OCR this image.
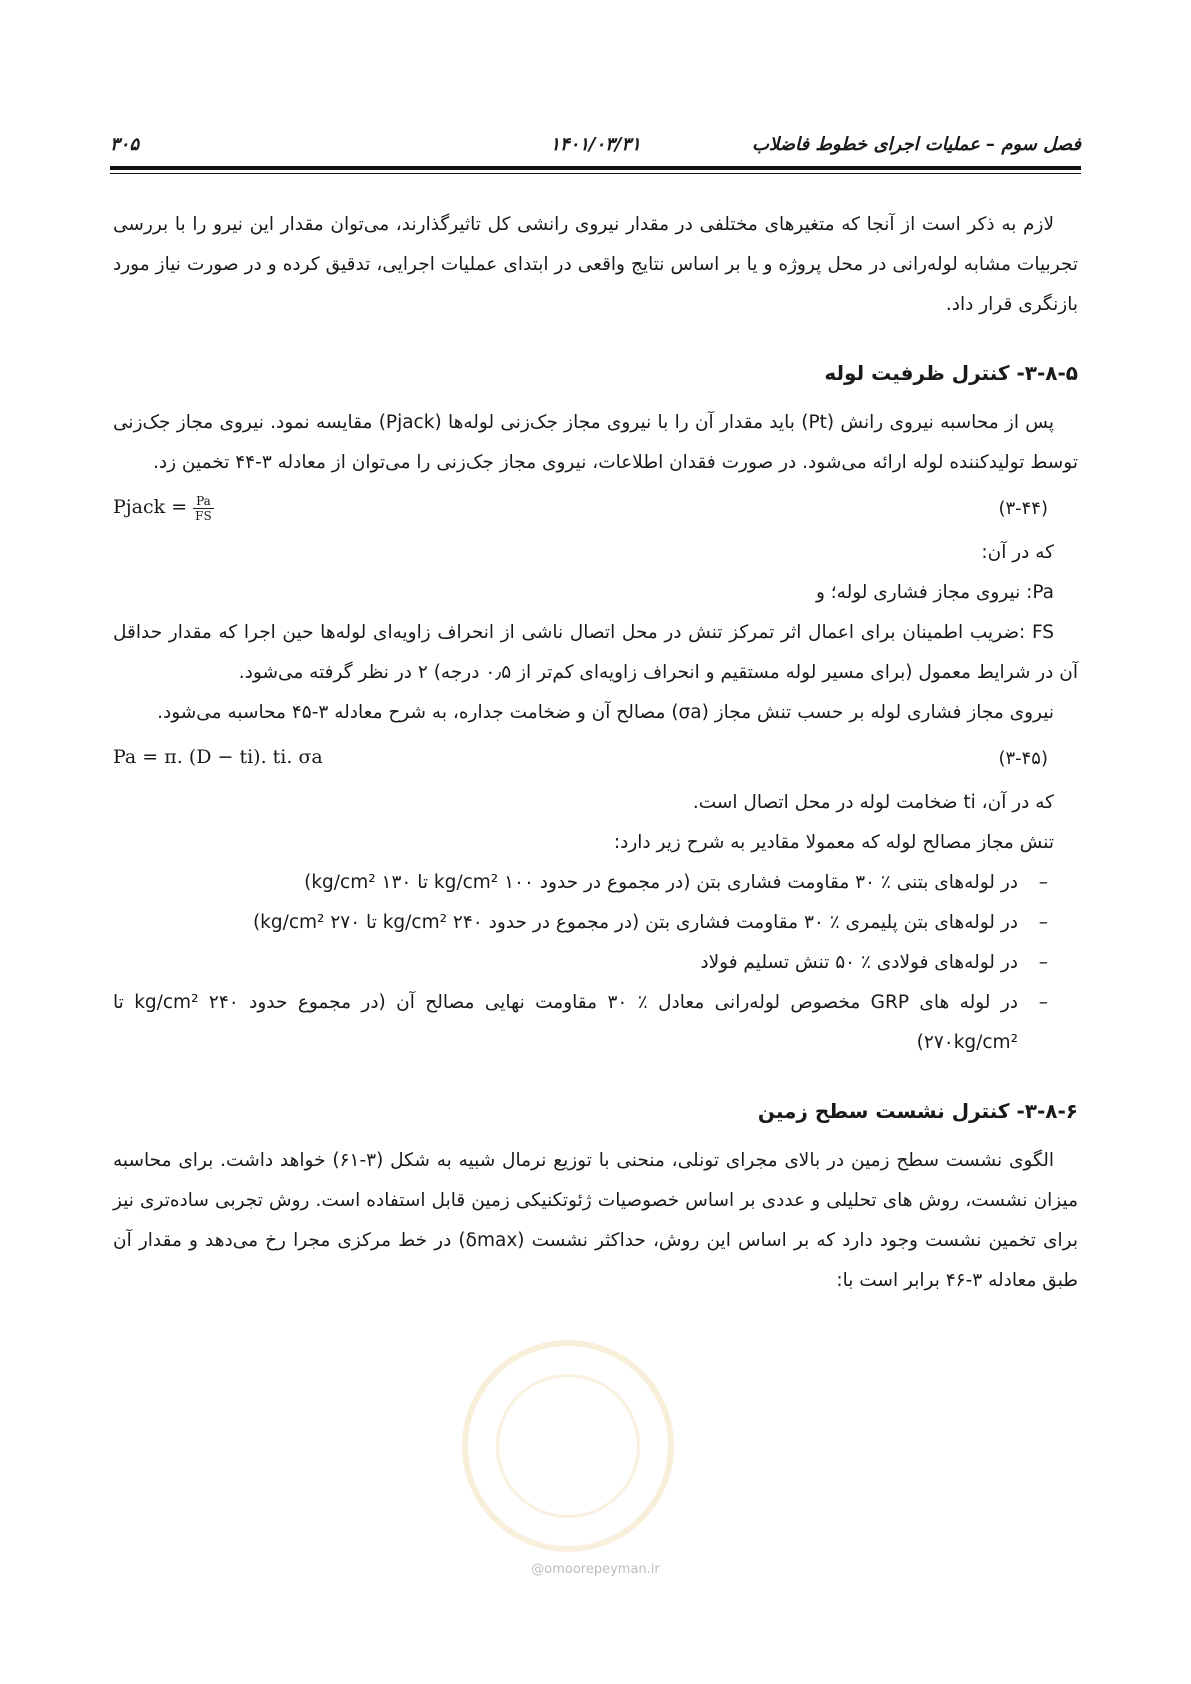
فصل سوم – عملیات اجرای خطوط فاضلاب
۱۴۰۱/۰۳/۳۱
۳۰۵

لازم به ذکر است از آنجا که متغیرهای مختلفی در مقدار نیروی رانشی کل تاثیرگذارند، می‌توان مقدار این نیرو را با بررسی تجربیات مشابه لوله‌رانی در محل پروژه و یا بر اساس نتایج واقعی در ابتدای عملیات اجرایی، تدقیق کرده و در صورت نیاز مورد بازنگری قرار داد.

۳-۸-۵- کنترل ظرفیت لوله

پس از محاسبه نیروی رانش (Pt) باید مقدار آن را با نیروی مجاز جک‌زنی لوله‌ها (Pjack) مقایسه نمود. نیروی مجاز جک‌زنی توسط تولیدکننده لوله ارائه می‌شود. در صورت فقدان اطلاعات، نیروی مجاز جک‌زنی را می‌توان از معادله ۳-۴۴ تخمین زد.

Pjack = $\frac{Pa}{FS}$	(۳-۴۴)

که در آن:

Pa: نیروی مجاز فشاری لوله؛ و

FS :ضریب اطمینان برای اعمال اثر تمرکز تنش در محل اتصال ناشی از انحراف زاویه‌ای لوله‌ها حین اجرا که مقدار حداقل آن در شرایط معمول (برای مسیر لوله مستقیم و انحراف زاویه‌ای کم‌تر از ۰٫۵ درجه) ۲ در نظر گرفته می‌شود.

نیروی مجاز فشاری لوله بر حسب تنش مجاز (σa) مصالح آن و ضخامت جداره، به شرح معادله ۳-۴۵ محاسبه می‌شود.

Pa = π. (D − ti). ti. σa	(۳-۴۵)

که در آن، ti ضخامت لوله در محل اتصال است.

تنش مجاز مصالح لوله که معمولا مقادیر به شرح زیر دارد:

–
در لوله‌های بتنی ٪ ۳۰ مقاومت فشاری بتن (در مجموع در حدود ۱۰۰ kg/cm² تا ۱۳۰ kg/cm²)
–
در لوله‌های بتن پلیمری ٪ ۳۰ مقاومت فشاری بتن (در مجموع در حدود ۲۴۰ kg/cm² تا ۲۷۰ kg/cm²)
–
در لوله‌های فولادی ٪ ۵۰ تنش تسلیم فولاد
–
در لوله های GRP مخصوص لوله‌رانی معادل ٪ ۳۰ مقاومت نهایی مصالح آن (در مجموع حدود ۲۴۰ kg/cm² تا ۲۷۰kg/cm²)
۳-۸-۶- کنترل نشست سطح زمین

الگوی نشست سطح زمین در بالای مجرای تونلی، منحنی با توزیع نرمال شبیه به شکل (۳-۶۱) خواهد داشت. برای محاسبه میزان نشست، روش های تحلیلی و عددی بر اساس خصوصیات ژئوتکنیکی زمین قابل استفاده است. روش تجربی ساده‌تری نیز برای تخمین نشست وجود دارد که بر اساس این روش، حداکثر نشست (δmax) در خط مرکزی مجرا رخ می‌دهد و مقدار آن طبق معادله ۳-۴۶ برابر است با:

@omoorepeyman.ir
